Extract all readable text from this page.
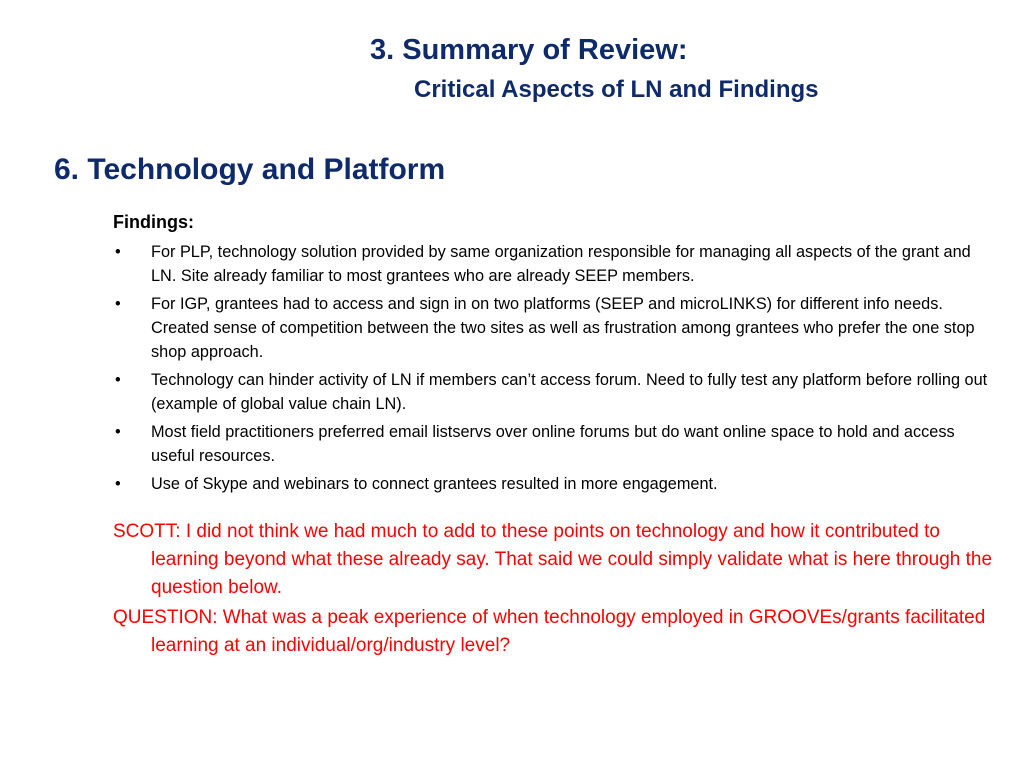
3. Summary of Review:
Critical Aspects of LN and Findings
6. Technology and Platform
Findings:
• For PLP, technology solution provided by same organization responsible for managing all aspects of the grant and LN. Site already familiar to most grantees who are already SEEP members.
• For IGP, grantees had to access and sign in on two platforms (SEEP and microLINKS) for different info needs. Created sense of competition between the two sites as well as frustration among grantees who prefer the one stop shop approach.
• Technology can hinder activity of LN if members can’t access forum. Need to fully test any platform before rolling out (example of global value chain LN).
• Most field practitioners preferred email listservs over online forums but do want online space to hold and access useful resources.
• Use of Skype and webinars to connect grantees resulted in more engagement.
SCOTT: I did not think we had much to add to these points on technology and how it contributed to learning beyond what these already say. That said we could simply validate what is here through the question below.
QUESTION: What was a peak experience of when technology employed in GROOVEs/grants facilitated learning at an individual/org/industry level?
